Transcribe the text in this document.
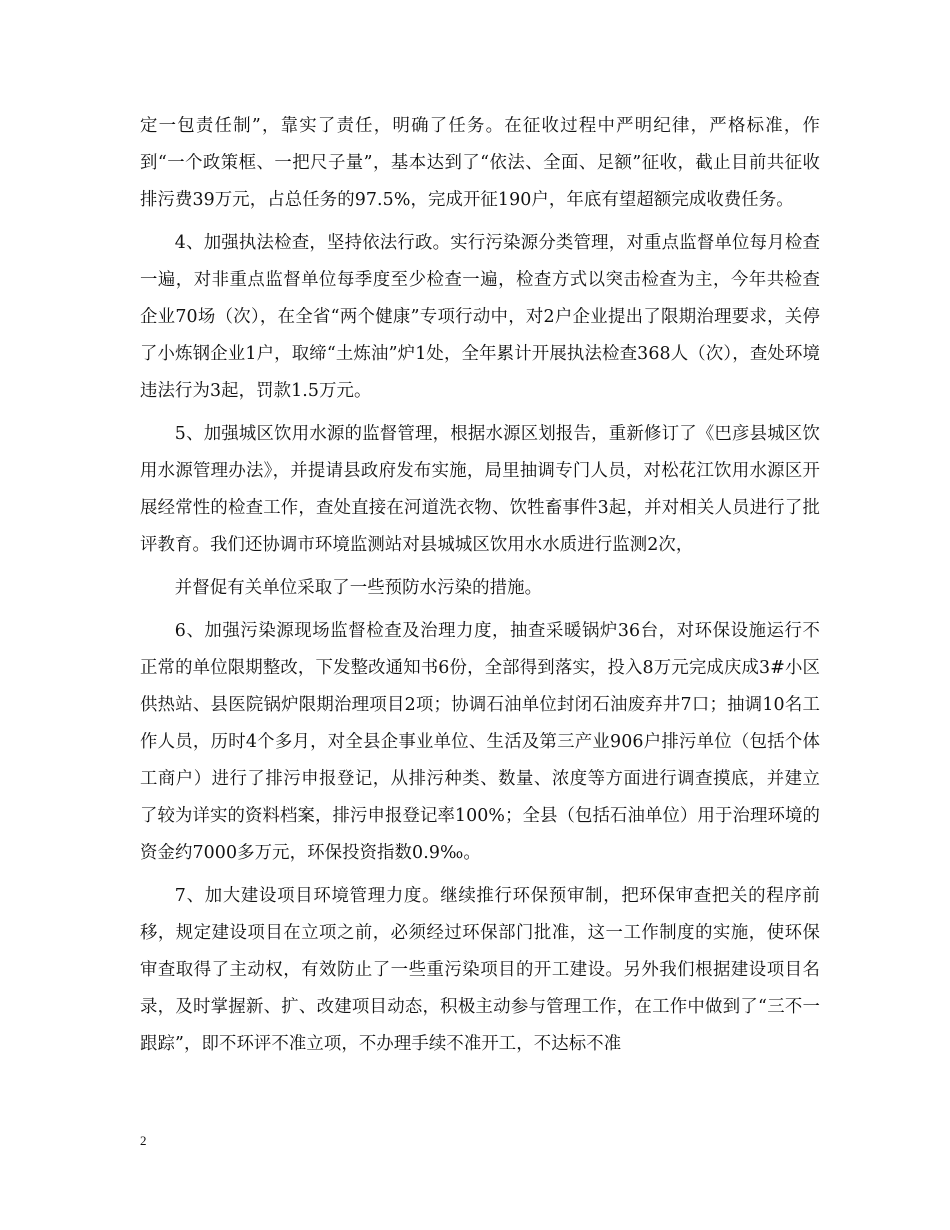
定一包责任制”，靠实了责任，明确了任务。在征收过程中严明纪律，严格标准，作到“一个政策框、一把尺子量”，基本达到了“依法、全面、足额”征收，截止目前共征收排污费39万元，占总任务的97.5%，完成开征190户，年底有望超额完成收费任务。

4、加强执法检查，坚持依法行政。实行污染源分类管理，对重点监督单位每月检查一遍，对非重点监督单位每季度至少检查一遍，检查方式以突击检查为主，今年共检查企业70场（次），在全省“两个健康”专项行动中，对2户企业提出了限期治理要求，关停了小炼钢企业1户，取缔“土炼油”炉1处，全年累计开展执法检查368人（次），查处环境违法行为3起，罚款1.5万元。

5、加强城区饮用水源的监督管理，根据水源区划报告，重新修订了《巴彦县城区饮用水源管理办法》，并提请县政府发布实施，局里抽调专门人员，对松花江饮用水源区开展经常性的检查工作，查处直接在河道洗衣物、饮牲畜事件3起，并对相关人员进行了批评教育。我们还协调市环境监测站对县城城区饮用水水质进行监测2次，

并督促有关单位采取了一些预防水污染的措施。

6、加强污染源现场监督检查及治理力度，抽查采暖锅炉36台，对环保设施运行不正常的单位限期整改，下发整改通知书6份，全部得到落实，投入8万元完成庆成3#小区供热站、县医院锅炉限期治理项目2项；协调石油单位封闭石油废弃井7口；抽调10名工作人员，历时4个多月，对全县企事业单位、生活及第三产业906户排污单位（包括个体工商户）进行了排污申报登记，从排污种类、数量、浓度等方面进行调查摸底，并建立了较为详实的资料档案，排污申报登记率100%；全县（包括石油单位）用于治理环境的资金约7000多万元，环保投资指数0.9‰。

7、加大建设项目环境管理力度。继续推行环保预审制，把环保审查把关的程序前移，规定建设项目在立项之前，必须经过环保部门批准，这一工作制度的实施，使环保审查取得了主动权，有效防止了一些重污染项目的开工建设。另外我们根据建设项目名录，及时掌握新、扩、改建项目动态，积极主动参与管理工作，在工作中做到了“三不一跟踪”，即不环评不准立项，不办理手续不准开工，不达标不准

2
